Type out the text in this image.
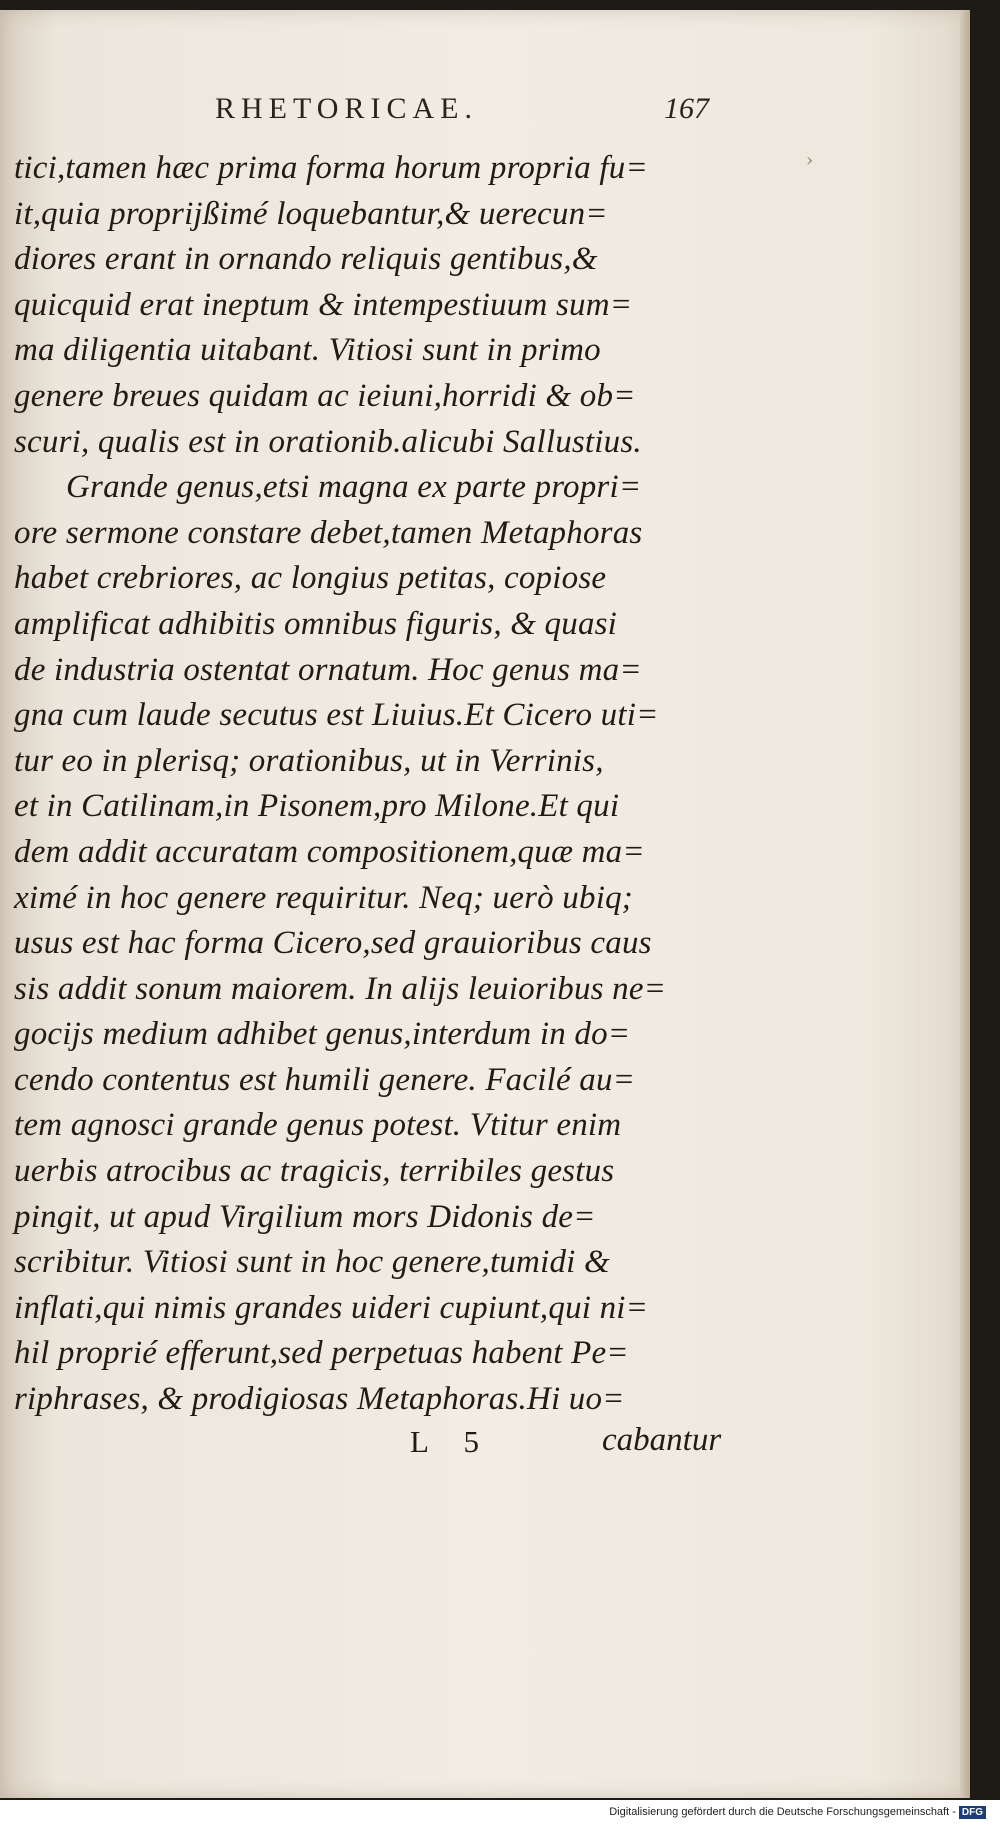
RHETORICAE.	167
›
tici,tamen hæc prima forma horum propria fu=
it,quia propriјßimé loquebantur,& uerecun=
diores erant in ornando reliquis gentibus,&
quicquid erat ineptum & intempestiuum sum=
ma diligentia uitabant. Vitiosi sunt in primo
genere breues quidam ac ieiuni,horridi & ob=
scuri, qualis est in orationib.alicubi Sallustius.
Grande genus,etsi magna ex parte propri=
ore sermone constare debet,tamen Metaphoras
habet crebriores, ac longius petitas, copiose
amplificat adhibitis omnibus figuris, & quasi
de industria ostentat ornatum. Hoc genus ma=
gna cum laude secutus est Liuius.Et Cicero uti=
tur eo in plerisq; orationibus, ut in Verrinis,
et in Catilinam,in Pisonem,pro Milone.Et qui
dem addit accuratam compositionem,quæ ma=
ximé in hoc genere requiritur. Neq; uerò ubiq;
usus est hac forma Cicero,sed grauioribus caus
sis addit sonum maiorem. In alijs leuioribus ne=
gocijs medium adhibet genus,interdum in do=
cendo contentus est humili genere. Facilé au=
tem agnosci grande genus potest. Vtitur enim
uerbis atrocibus ac tragicis, terribiles gestus
pingit, ut apud Virgilium mors Didonis de=
scribitur. Vitiosi sunt in hoc genere,tumidi &
inflati,qui nimis grandes uideri cupiunt,qui ni=
hil proprié efferunt,sed perpetuas habent Pe=
riphrases, & prodigiosas Metaphoras.Hi uo=
L 5	cabantur
Digitalisierung gefördert durch die Deutsche Forschungsgemeinschaft - DFG
